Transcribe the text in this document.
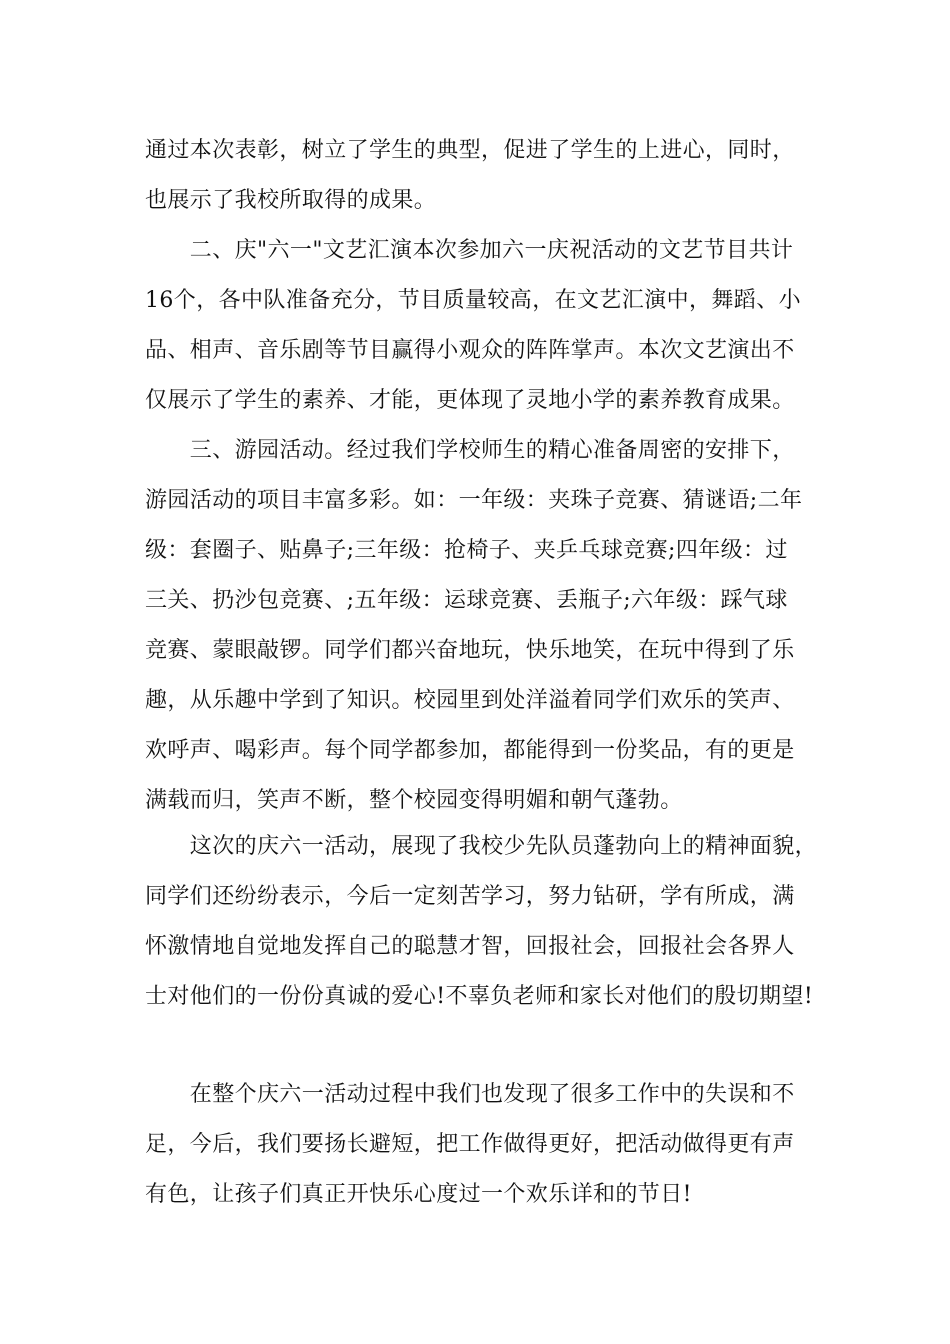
通过本次表彰，树立了学生的典型，促进了学生的上进心，同时，
也展示了我校所取得的成果。
　　二、庆"六一"文艺汇演本次参加六一庆祝活动的文艺节目共计
16个，各中队准备充分，节目质量较高，在文艺汇演中，舞蹈、小
品、相声、音乐剧等节目赢得小观众的阵阵掌声。本次文艺演出不
仅展示了学生的素养、才能，更体现了灵地小学的素养教育成果。
　　三、游园活动。经过我们学校师生的精心准备周密的安排下，
游园活动的项目丰富多彩。如：一年级：夹珠子竞赛、猜谜语;二年
级：套圈子、贴鼻子;三年级：抢椅子、夹乒乓球竞赛;四年级：过
三关、扔沙包竞赛、;五年级：运球竞赛、丢瓶子;六年级：踩气球
竞赛、蒙眼敲锣。同学们都兴奋地玩，快乐地笑，在玩中得到了乐
趣，从乐趣中学到了知识。校园里到处洋溢着同学们欢乐的笑声、
欢呼声、喝彩声。每个同学都参加，都能得到一份奖品，有的更是
满载而归，笑声不断，整个校园变得明媚和朝气蓬勃。
　　这次的庆六一活动，展现了我校少先队员蓬勃向上的精神面貌，
同学们还纷纷表示，今后一定刻苦学习，努力钻研，学有所成，满
怀激情地自觉地发挥自己的聪慧才智，回报社会，回报社会各界人
士对他们的一份份真诚的爱心!不辜负老师和家长对他们的殷切期望!
　　在整个庆六一活动过程中我们也发现了很多工作中的失误和不
足，今后，我们要扬长避短，把工作做得更好，把活动做得更有声
有色，让孩子们真正开快乐心度过一个欢乐详和的节日!
